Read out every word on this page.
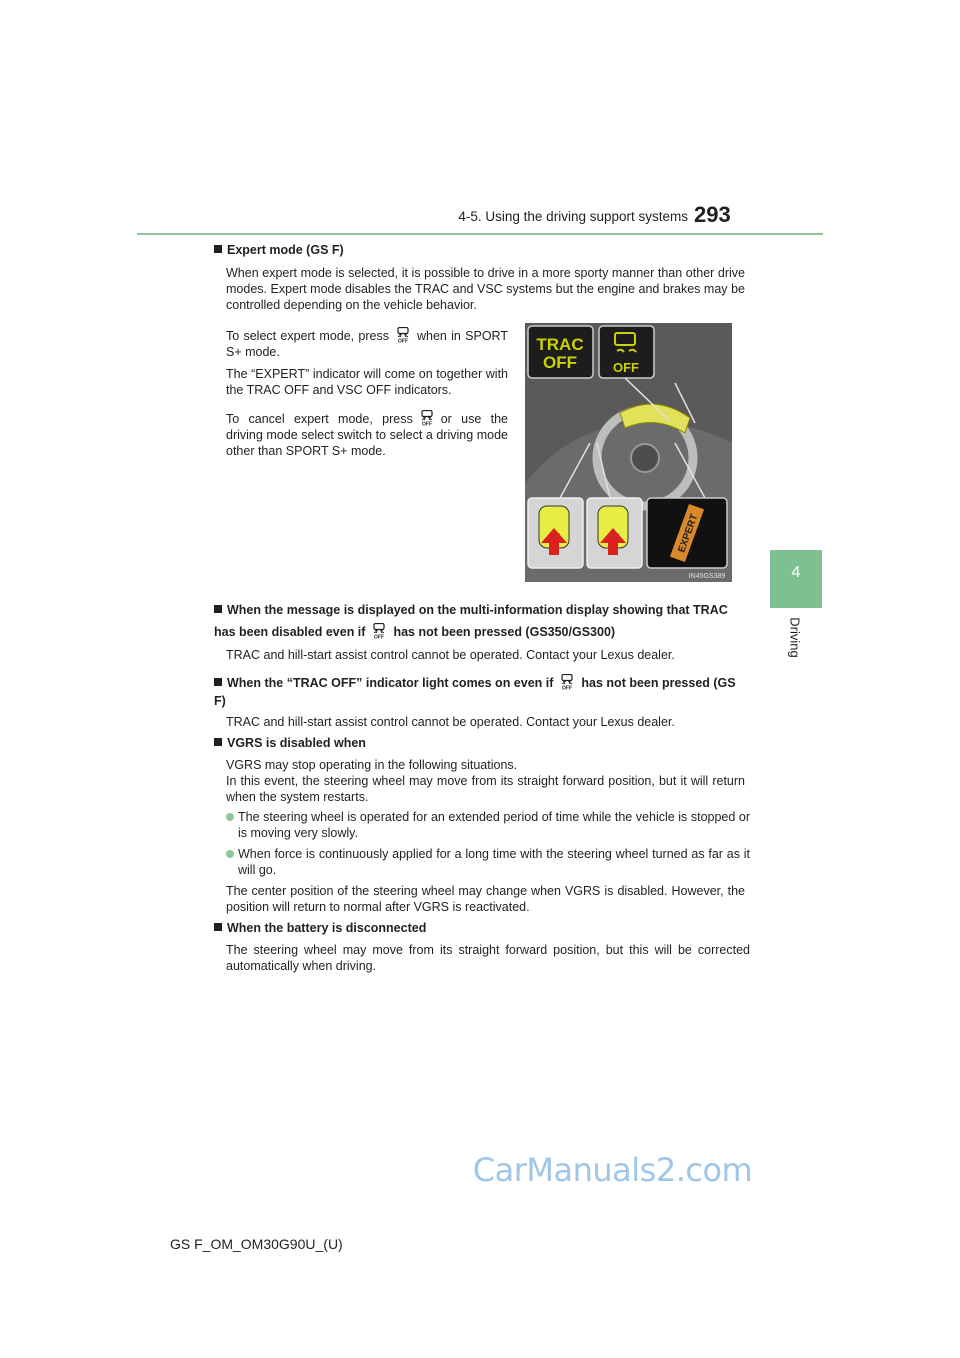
4-5. Using the driving support systems 293
4
Driving
Expert mode (GS F)
When expert mode is selected, it is possible to drive in a more sporty manner than other drive modes. Expert mode disables the TRAC and VSC systems but the engine and brakes may be controlled depending on the vehicle behavior.
To select expert mode, press when in SPORT S+ mode.
The “EXPERT” indicator will come on together with the TRAC OFF and VSC OFF indicators.
To cancel expert mode, press or use the driving mode select switch to select a driving mode other than SPORT S+ mode.
TRAC
OFF	OFF
EXPERT
IN45GS389
When the message is displayed on the multi-information display showing that TRAC has been disabled even if has not been pressed (GS350/GS300)
TRAC and hill-start assist control cannot be operated. Contact your Lexus dealer.
When the “TRAC OFF” indicator light comes on even if has not been pressed (GS F)
TRAC and hill-start assist control cannot be operated. Contact your Lexus dealer.
VGRS is disabled when
VGRS may stop operating in the following situations.
In this event, the steering wheel may move from its straight forward position, but it will return when the system restarts.
The steering wheel is operated for an extended period of time while the vehicle is stopped or is moving very slowly.
When force is continuously applied for a long time with the steering wheel turned as far as it will go.
The center position of the steering wheel may change when VGRS is disabled. However, the position will return to normal after VGRS is reactivated.
When the battery is disconnected
The steering wheel may move from its straight forward position, but this will be corrected automatically when driving.
CarManuals2.com
GS F_OM_OM30G90U_(U)
